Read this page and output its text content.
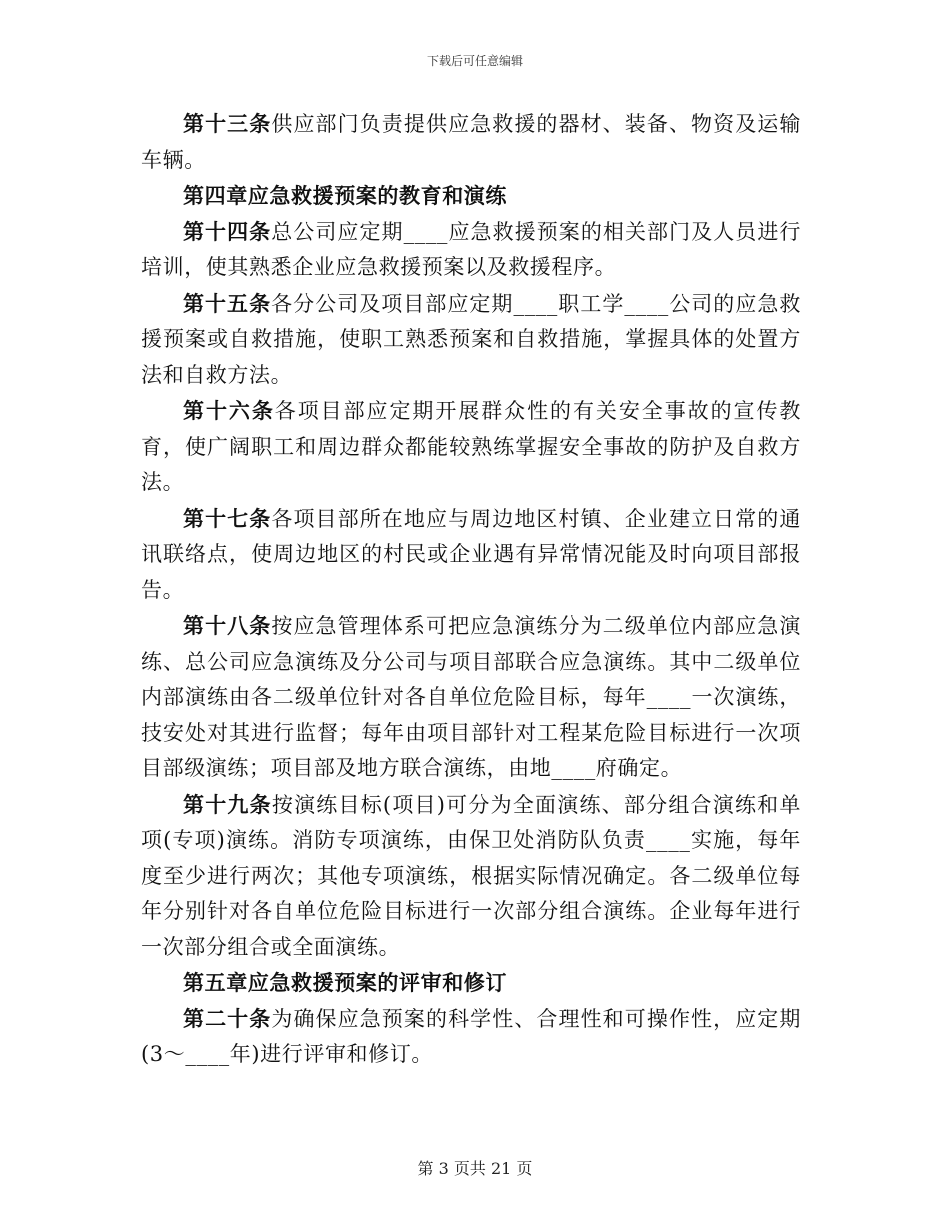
下载后可任意编辑

第十三条供应部门负责提供应急救援的器材、装备、物资及运输车辆。

第四章应急救援预案的教育和演练

第十四条总公司应定期____应急救援预案的相关部门及人员进行培训，使其熟悉企业应急救援预案以及救援程序。

第十五条各分公司及项目部应定期____职工学____公司的应急救援预案或自救措施，使职工熟悉预案和自救措施，掌握具体的处置方法和自救方法。

第十六条各项目部应定期开展群众性的有关安全事故的宣传教育，使广阔职工和周边群众都能较熟练掌握安全事故的防护及自救方法。

第十七条各项目部所在地应与周边地区村镇、企业建立日常的通讯联络点，使周边地区的村民或企业遇有异常情况能及时向项目部报告。

第十八条按应急管理体系可把应急演练分为二级单位内部应急演练、总公司应急演练及分公司与项目部联合应急演练。其中二级单位内部演练由各二级单位针对各自单位危险目标，每年____一次演练，技安处对其进行监督；每年由项目部针对工程某危险目标进行一次项目部级演练；项目部及地方联合演练，由地____府确定。

第十九条按演练目标(项目)可分为全面演练、部分组合演练和单项(专项)演练。消防专项演练，由保卫处消防队负责____实施，每年度至少进行两次；其他专项演练，根据实际情况确定。各二级单位每年分别针对各自单位危险目标进行一次部分组合演练。企业每年进行一次部分组合或全面演练。

第五章应急救援预案的评审和修订

第二十条为确保应急预案的科学性、合理性和可操作性，应定期(3～____年)进行评审和修订。

第 3 页共 21 页
